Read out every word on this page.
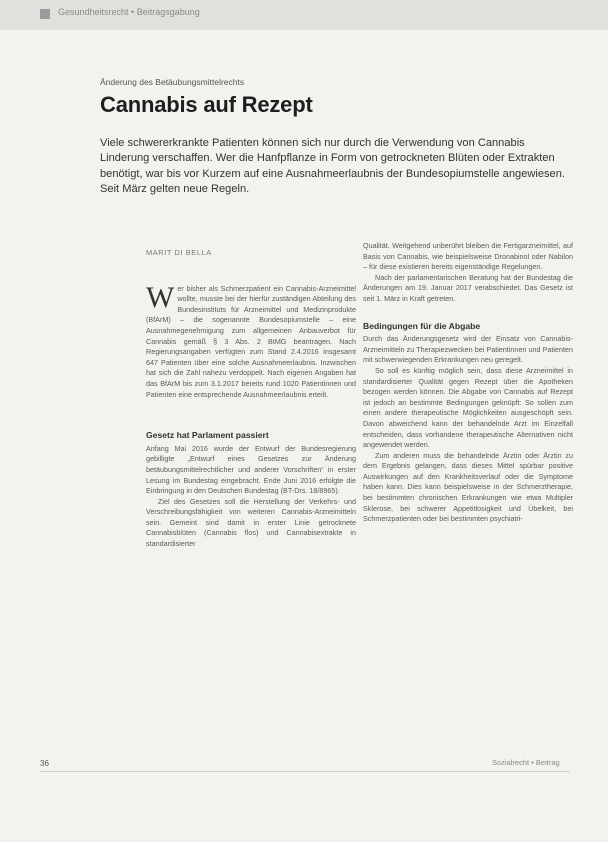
Gesundheitsrecht • Beitragsgabung
Änderung des Betäubungsmittelrechts
Cannabis auf Rezept

Viele schwererkrankte Patienten können sich nur durch die Verwendung von Cannabis Linderung verschaffen. Wer die Hanfpflanze in Form von getrockneten Blüten oder Extrakten benötigt, war bis vor Kurzem auf eine Ausnahmeerlaubnis der Bundesopiumstelle angewiesen. Seit März gelten neue Regeln.

MARIT DI BELLA

Wer bisher als Schmerzpatient ein Cannabis-Arzneimittel wollte, musste bei der hierfür zuständigen Abteilung des Bundesinstituts für Arzneimittel und Medizinprodukte (BfArM) – die sogenannte Bundesopiumstelle – eine Ausnahmegenehmigung zum allgemeinen Anbauverbot für Cannabis gemäß § 3 Abs. 2 BtMG beantragen. Nach Regierungsangaben verfügten zum Stand 2.4.2016 insgesamt 647 Patienten über eine solche Ausnahmeerlaubnis. Inzwischen hat sich die Zahl nahezu verdoppelt. Nach eigenen Angaben hat das BfArM bis zum 3.1.2017 bereits rund 1020 Patientinnen und Patienten eine entsprechende Ausnahmeerlaubnis erteilt.

Gesetz hat Parlament passiert

Anfang Mai 2016 wurde der Entwurf der Bundesregierung gebilligte „Entwurf eines Gesetzes zur Änderung betäubungsmittelrechtlicher und anderer Vorschriften“ in erster Lesung im Bundestag eingebracht. Ende Juni 2016 erfolgte die Einbringung in den Deutschen Bundestag (BT-Drs. 18/8965).

Ziel des Gesetzes soll die Herstellung der Verkehrs- und Verschreibungsfähigkeit von weiteren Cannabis-Arzneimitteln sein. Gemeint sind damit in erster Linie getrocknete Cannabisblüten (Cannabis flos) und Cannabisextrakte in standardisierter

Qualität. Weitgehend unberührt bleiben die Fertigarzneimittel, auf Basis von Cannabis, wie beispielsweise Dronabinol oder Nabilon – für diese existieren bereits eigenständige Regelungen.

Nach der parlamentarischen Beratung hat der Bundestag die Änderungen am 19. Januar 2017 verabschiedet. Das Gesetz ist seit 1. März in Kraft getreten.

Bedingungen für die Abgabe

Durch das Änderungsgesetz wird der Einsatz von Cannabis-Arzneimitteln zu Therapiezwecken bei Patientinnen und Patienten mit schwerwiegenden Erkrankungen neu geregelt.

So soll es künftig möglich sein, dass diese Arzneimittel in standardisierter Qualität gegen Rezept über die Apotheken bezogen werden können. Die Abgabe von Cannabis auf Rezept ist jedoch an bestimmte Bedingungen geknüpft: So sollen zum einen andere therapeutische Möglichkeiten ausgeschöpft sein. Davon abweichend kann der behandelnde Arzt im Einzelfall entscheiden, dass vorhandene therapeutische Alternativen nicht angewendet werden.

Zum anderen muss die behandelnde Ärztin oder Ärztin zu dem Ergebnis gelangen, dass dieses Mittel spürbar positive Auswirkungen auf den Krankheitsverlauf oder die Symptome haben kann. Dies kann beispielsweise in der Schmerztherapie, bei bestimmten chronischen Erkrankungen wie etwa Multipler Sklerose, bei schwerer Appetitlosigkeit und Übelkeit, bei Schmerzpatienten oder bei bestimmten psychiatri-

36	Sozialrecht • Beitrag
